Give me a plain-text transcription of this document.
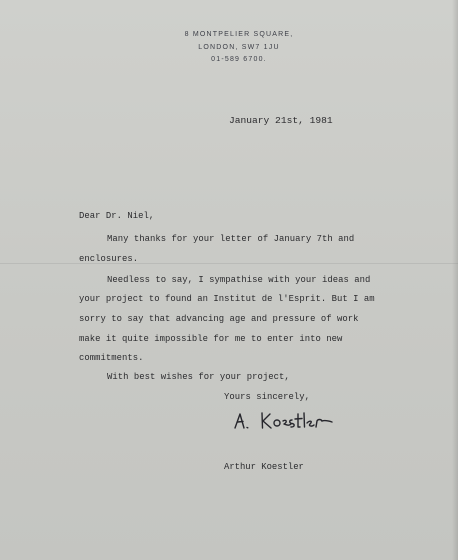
8 MONTPELIER SQUARE,
LONDON, SW7 1JU
01-589 6700.
January 21st, 1981
Dear Dr. Niel,
Many thanks for your letter of January 7th and
enclosures.
Needless to say, I sympathise with your ideas and
your project to found an Institut de l'Esprit. But I am
sorry to say that advancing age and pressure of work
make it quite impossible for me to enter into new
commitments.
With best wishes for your project,
Yours sincerely,
Arthur Koestler
